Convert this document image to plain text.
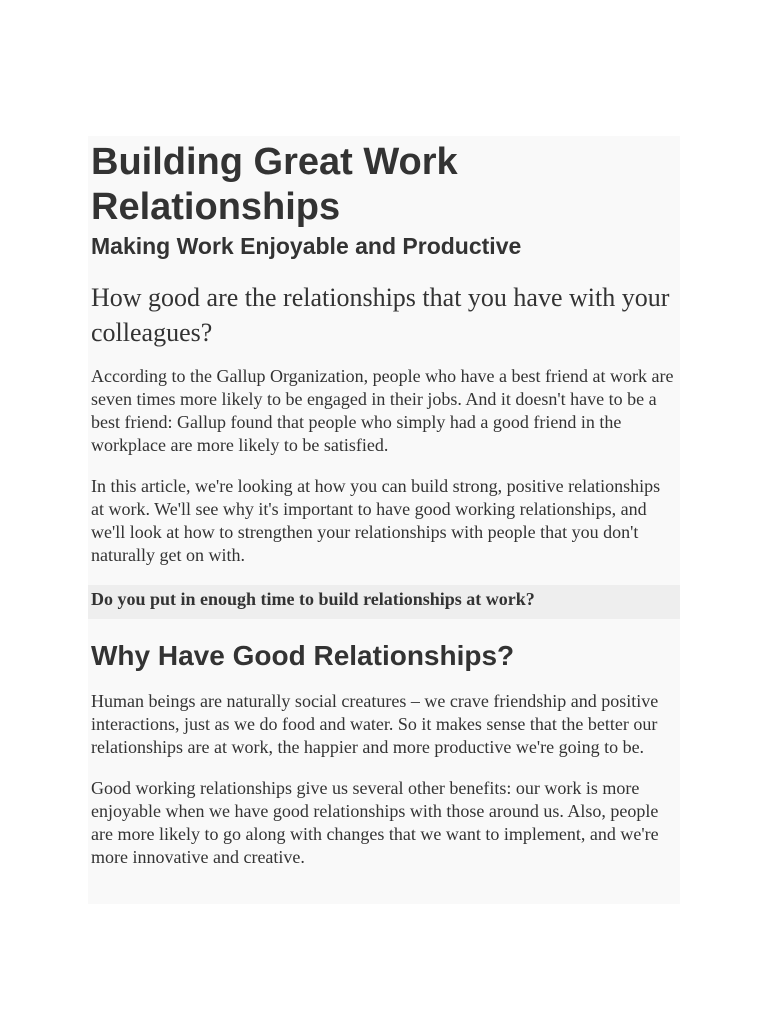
Building Great Work Relationships
Making Work Enjoyable and Productive

How good are the relationships that you have with your colleagues?

According to the Gallup Organization, people who have a best friend at work are seven times more likely to be engaged in their jobs. And it doesn't have to be a best friend: Gallup found that people who simply had a good friend in the workplace are more likely to be satisfied.

In this article, we're looking at how you can build strong, positive relationships at work. We'll see why it's important to have good working relationships, and we'll look at how to strengthen your relationships with people that you don't naturally get on with.

Do you put in enough time to build relationships at work?

Why Have Good Relationships?

Human beings are naturally social creatures – we crave friendship and positive interactions, just as we do food and water. So it makes sense that the better our relationships are at work, the happier and more productive we're going to be.

Good working relationships give us several other benefits: our work is more enjoyable when we have good relationships with those around us. Also, people are more likely to go along with changes that we want to implement, and we're more innovative and creative.
